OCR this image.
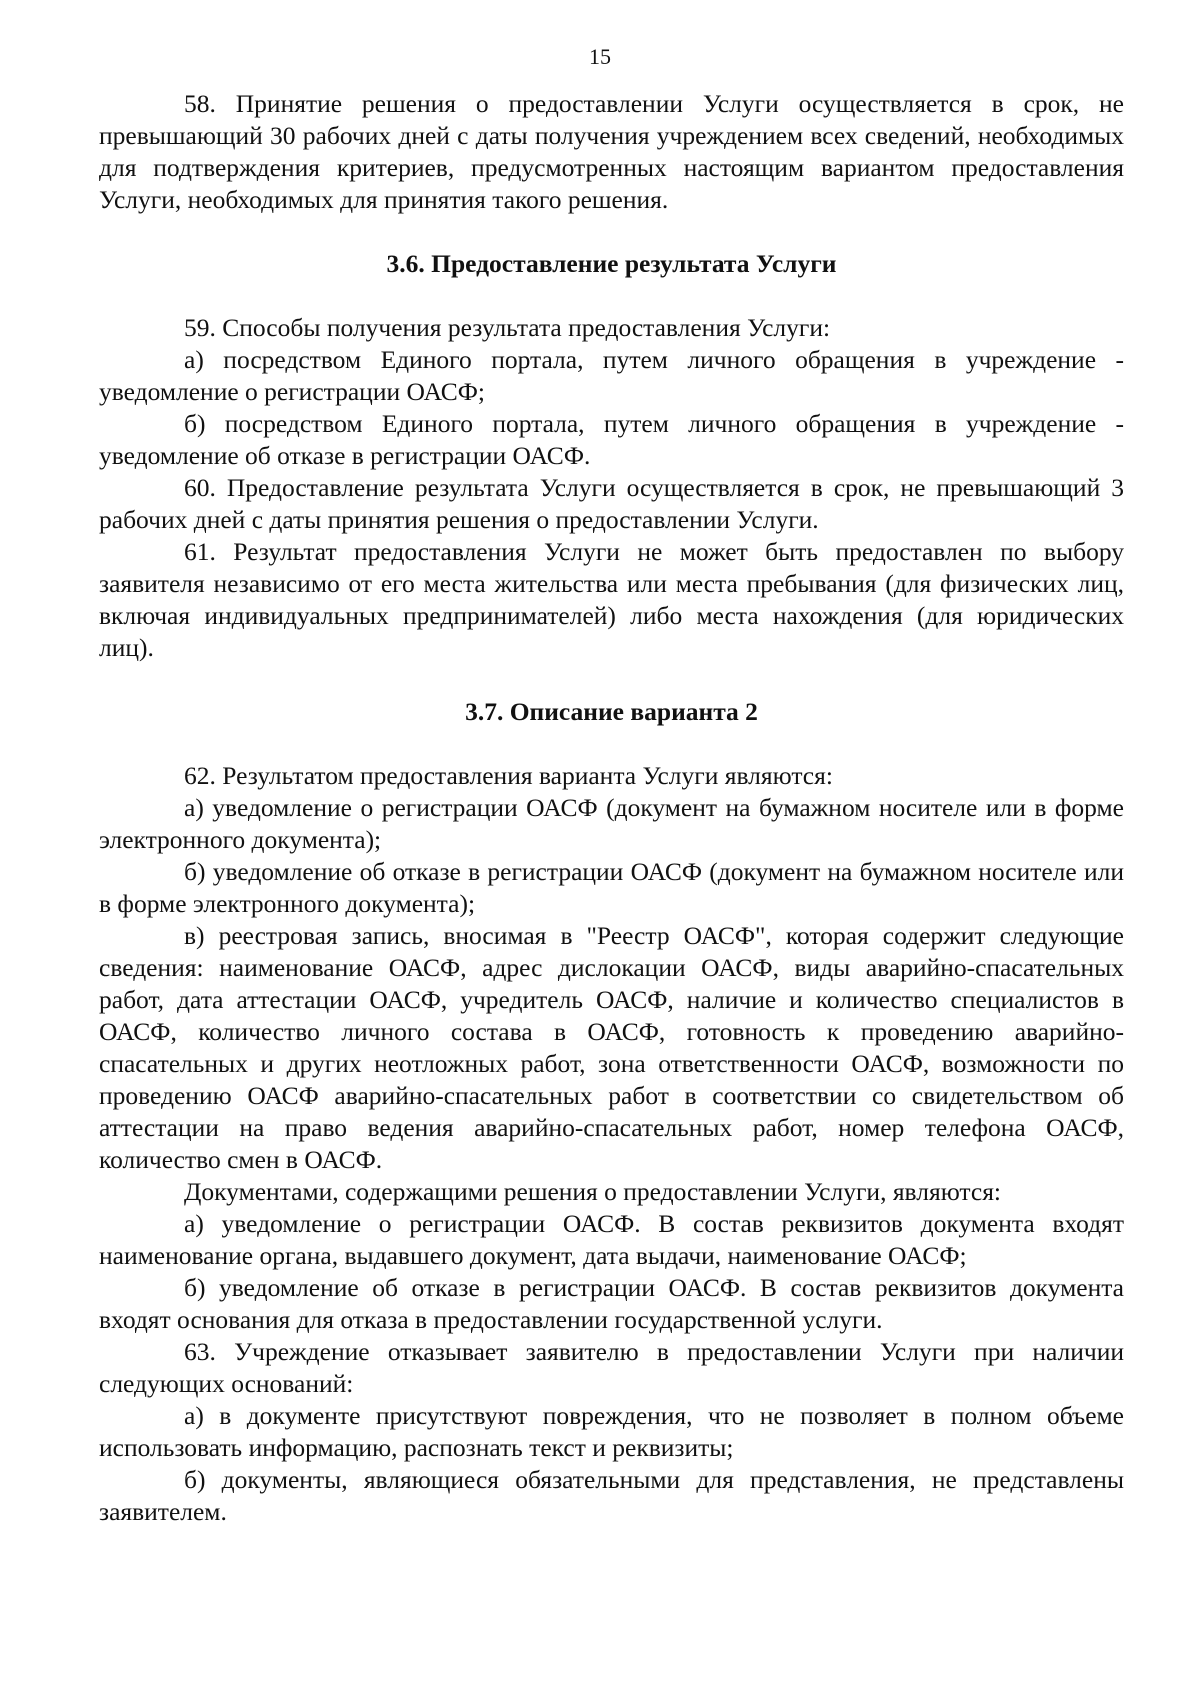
15

58. Принятие решения о предоставлении Услуги осуществляется в срок, не превышающий 30 рабочих дней с даты получения учреждением всех сведений, необходимых для подтверждения критериев, предусмотренных настоящим вариантом предоставления Услуги, необходимых для принятия такого решения.

3.6. Предоставление результата Услуги

59. Способы получения результата предоставления Услуги:

а) посредством Единого портала, путем личного обращения в учреждение - уведомление о регистрации ОАСФ;

б) посредством Единого портала, путем личного обращения в учреждение - уведомление об отказе в регистрации ОАСФ.

60. Предоставление результата Услуги осуществляется в срок, не превышающий 3 рабочих дней с даты принятия решения о предоставлении Услуги.

61. Результат предоставления Услуги не может быть предоставлен по выбору заявителя независимо от его места жительства или места пребывания (для физических лиц, включая индивидуальных предпринимателей) либо места нахождения (для юридических лиц).

3.7. Описание варианта 2

62. Результатом предоставления варианта Услуги являются:

а) уведомление о регистрации ОАСФ (документ на бумажном носителе или в форме электронного документа);

б) уведомление об отказе в регистрации ОАСФ (документ на бумажном носителе или в форме электронного документа);

в) реестровая запись, вносимая в "Реестр ОАСФ", которая содержит следующие сведения: наименование ОАСФ, адрес дислокации ОАСФ, виды аварийно-спасательных работ, дата аттестации ОАСФ, учредитель ОАСФ, наличие и количество специалистов в ОАСФ, количество личного состава в ОАСФ, готовность к проведению аварийно-спасательных и других неотложных работ, зона ответственности ОАСФ, возможности по проведению ОАСФ аварийно-спасательных работ в соответствии со свидетельством об аттестации на право ведения аварийно-спасательных работ, номер телефона ОАСФ, количество смен в ОАСФ.

Документами, содержащими решения о предоставлении Услуги, являются:

а) уведомление о регистрации ОАСФ. В состав реквизитов документа входят наименование органа, выдавшего документ, дата выдачи, наименование ОАСФ;

б) уведомление об отказе в регистрации ОАСФ. В состав реквизитов документа входят основания для отказа в предоставлении государственной услуги.

63. Учреждение отказывает заявителю в предоставлении Услуги при наличии следующих оснований:

а) в документе присутствуют повреждения, что не позволяет в полном объеме использовать информацию, распознать текст и реквизиты;

б) документы, являющиеся обязательными для представления, не представлены заявителем.
